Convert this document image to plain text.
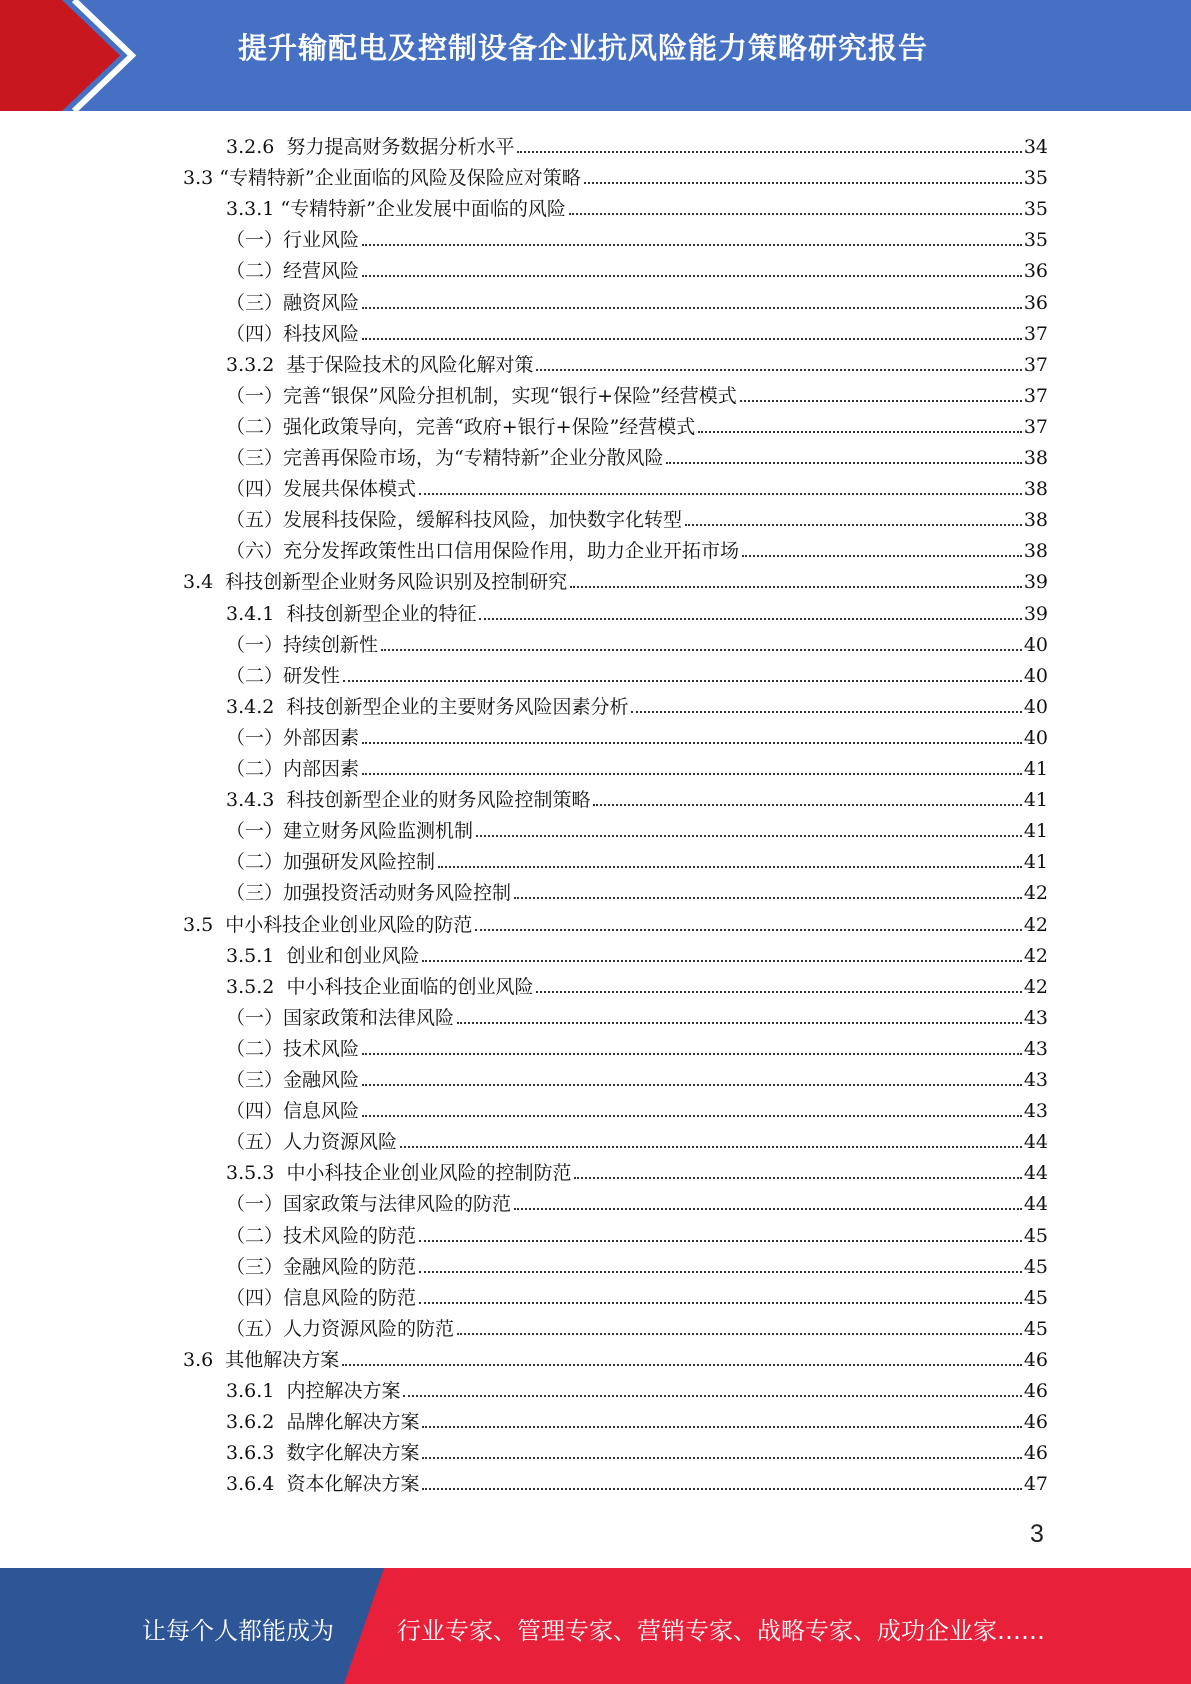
提升输配电及控制设备企业抗风险能力策略研究报告
3.2.6 努力提高财务数据分析水平	34
3.3 “专精特新”企业面临的风险及保险应对策略	35
3.3.1 “专精特新”企业发展中面临的风险	35
（一） 行业风险	35
（二） 经营风险	36
（三） 融资风险	36
（四） 科技风险	37
3.3.2 基于保险技术的风险化解对策	37
（一） 完善“银保”风险分担机制，实现“银行+保险”经营模式	37
（二） 强化政策导向，完善“政府+银行+保险”经营模式	37
（三） 完善再保险市场，为“专精特新”企业分散风险	38
（四） 发展共保体模式	38
（五） 发展科技保险，缓解科技风险，加快数字化转型	38
（六） 充分发挥政策性出口信用保险作用，助力企业开拓市场	38
3.4 科技创新型企业财务风险识别及控制研究	39
3.4.1 科技创新型企业的特征	39
（一） 持续创新性	40
（二） 研发性	40
3.4.2 科技创新型企业的主要财务风险因素分析	40
（一） 外部因素	40
（二） 内部因素	41
3.4.3 科技创新型企业的财务风险控制策略	41
（一） 建立财务风险监测机制	41
（二） 加强研发风险控制	41
（三） 加强投资活动财务风险控制	42
3.5 中小科技企业创业风险的防范	42
3.5.1 创业和创业风险	42
3.5.2 中小科技企业面临的创业风险	42
（一） 国家政策和法律风险	43
（二） 技术风险	43
（三） 金融风险	43
（四） 信息风险	43
（五） 人力资源风险	44
3.5.3 中小科技企业创业风险的控制防范	44
（一） 国家政策与法律风险的防范	44
（二） 技术风险的防范	45
（三） 金融风险的防范	45
（四） 信息风险的防范	45
（五） 人力资源风险的防范	45
3.6 其他解决方案	46
3.6.1 内控解决方案	46
3.6.2 品牌化解决方案	46
3.6.3 数字化解决方案	46
3.6.4 资本化解决方案	47
3
让每个人都能成为	行业专家、管理专家、营销专家、战略专家、成功企业家……
